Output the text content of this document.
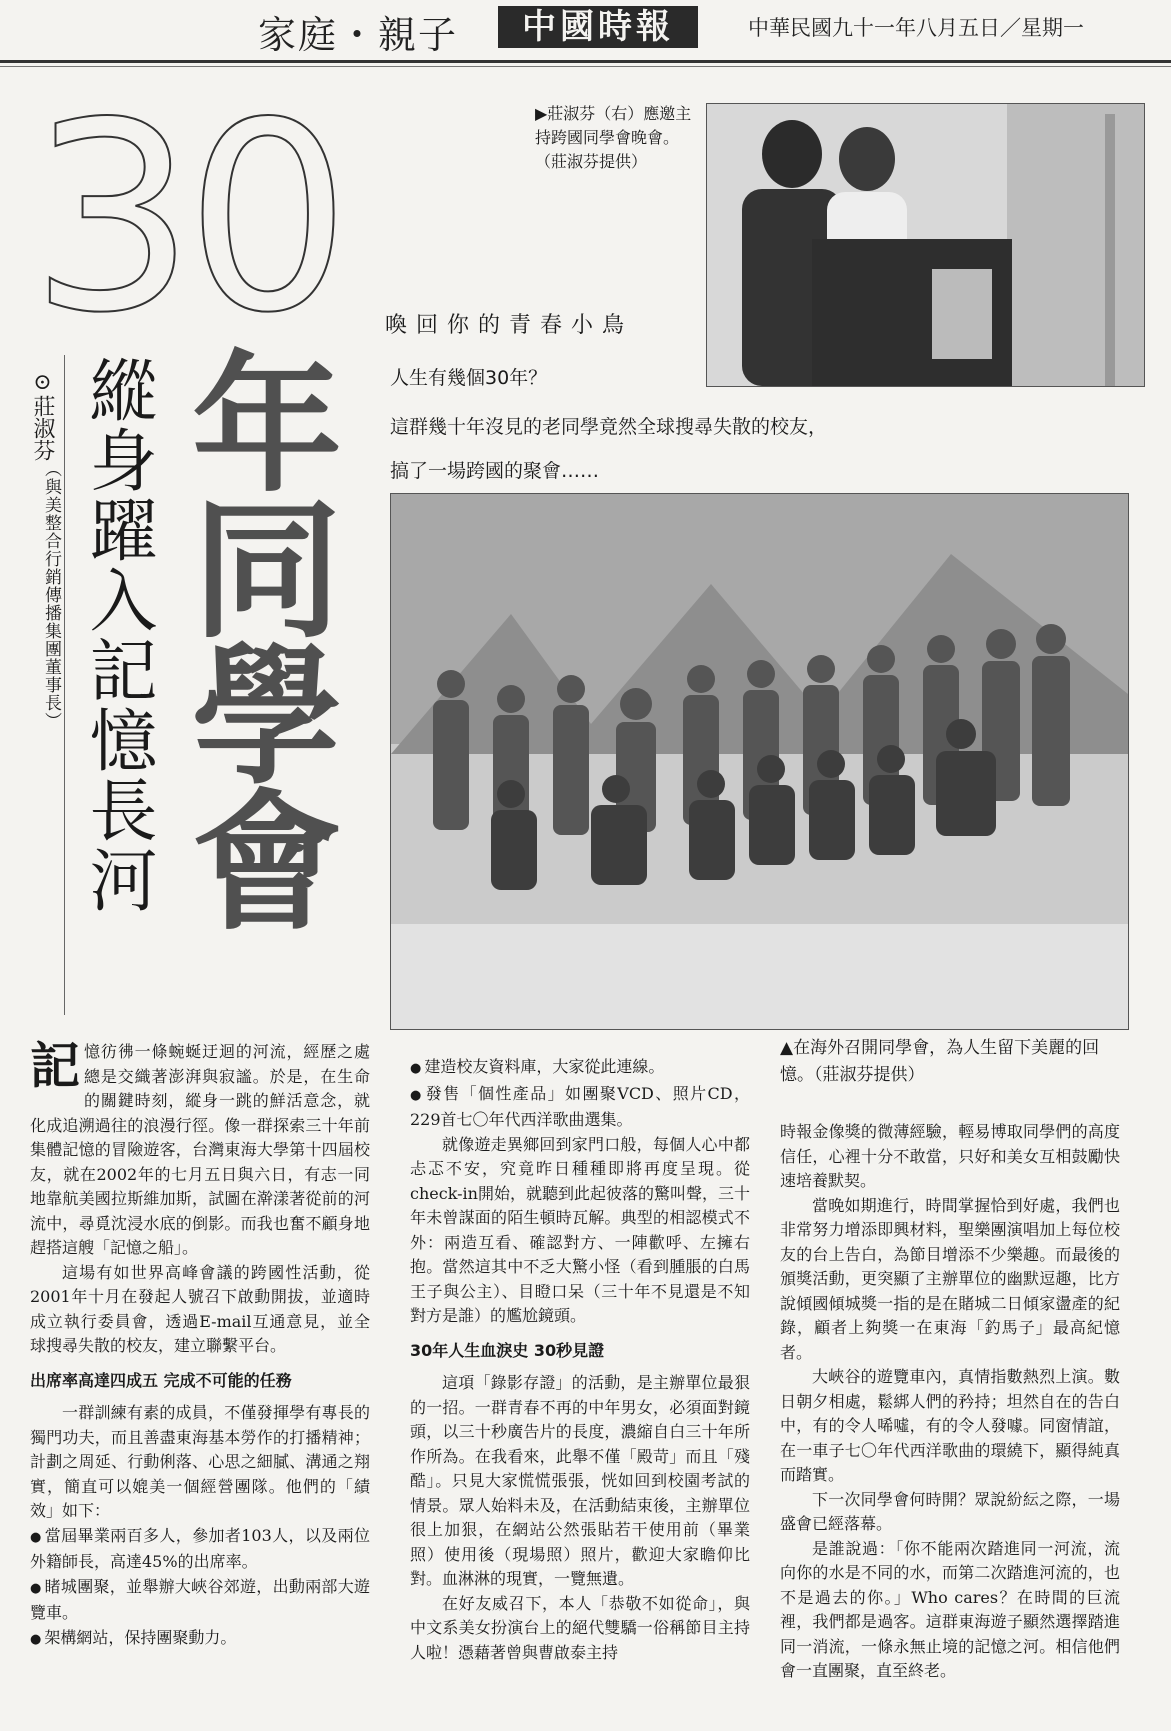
家庭・親子	中國時報	中華民國九十一年八月五日／星期一
30 喚回你的青春小鳥
年同學會
縱身躍入記憶長河
⊙莊淑芬
（與美整合行銷傳播集團董事長）
▶莊淑芬（右）應邀主持跨國同學會晚會。（莊淑芬提供）
人生有幾個30年？
這群幾十年沒見的老同學竟然全球搜尋失散的校友，
搞了一場跨國的聚會……
▲在海外召開同學會，為人生留下美麗的回憶。（莊淑芬提供）

記憶彷彿一條蜿蜒迂迴的河流，經歷之處總是交織著澎湃與寂謐。於是，在生命的關鍵時刻，縱身一跳的鮮活意念，就化成追溯過往的浪漫行徑。像一群探索三十年前集體記憶的冒險遊客，台灣東海大學第十四屆校友，就在2002年的七月五日與六日，有志一同地靠航美國拉斯維加斯，試圖在澣漾著從前的河流中，尋覓沈浸水底的倒影。而我也奮不顧身地趕搭這艘「記憶之船」。

這場有如世界高峰會議的跨國性活動，從2001年十月在發起人號召下啟動開拔，並適時成立執行委員會，透過E-mail互通意見，並全球搜尋失散的校友，建立聯繫平台。

出席率高達四成五 完成不可能的任務

一群訓練有素的成員，不僅發揮學有專長的獨門功夫，而且善盡東海基本勞作的打播精神；計劃之周延、行動俐落、心思之細膩、溝通之翔實，簡直可以媲美一個經營團隊。他們的「績效」如下：

● 當屆畢業兩百多人，參加者103人，以及兩位外籍師長，高達45%的出席率。

● 睹城團聚，並舉辦大峽谷郊遊，出動兩部大遊覽車。

● 架構網站，保持團聚動力。

● 建造校友資料庫，大家從此連線。

● 發售「個性產品」如團聚VCD、照片CD，229首七〇年代西洋歌曲選集。

就像遊走異鄉回到家門口般，每個人心中都忐忑不安，究竟昨日種種即將再度呈現。從check-in開始，就聽到此起彼落的驚叫聲，三十年未曾謀面的陌生頓時瓦解。典型的相認模式不外：兩造互看、確認對方、一陣歡呼、左擁右抱。當然這其中不乏大驚小怪（看到腫脹的白馬王子與公主）、目瞪口呆（三十年不見還是不知對方是誰）的尷尬鏡頭。

30年人生血淚史 30秒見證

這項「錄影存證」的活動，是主辦單位最狠的一招。一群青春不再的中年男女，必須面對鏡頭，以三十秒廣告片的長度，濃縮自白三十年所作所為。在我看來，此舉不僅「殿苛」而且「殘酷」。只見大家慌慌張張，恍如回到校園考試的情景。眾人始料未及，在活動結束後，主辦單位很上加狠，在網站公然張貼若干使用前（畢業照）使用後（現場照）照片，歡迎大家瞻仰比對。血淋淋的現實，一覽無遺。

在好友威召下，本人「恭敬不如從命」，與中文系美女扮演台上的絕代雙驕一俗稱節目主持人啦！憑藉著曾與曹啟泰主持

時報金像獎的微薄經驗，輕易博取同學們的高度信任，心裡十分不敢當，只好和美女互相鼓勵快速培養默契。

當晚如期進行，時間掌握恰到好處，我們也非常努力增添即興材料，聖樂團演唱加上每位校友的台上告白，為節目增添不少樂趣。而最後的頒獎活動，更突顯了主辦單位的幽默逗趣，比方說傾國傾城獎一指的是在賭城二日傾家盪產的紀錄，顧者上夠獎一在東海「釣馬子」最高紀憶者。

大峽谷的遊覽車內，真情指數熱烈上演。數日朝夕相處，鬆綁人們的矜持；坦然自在的告白中，有的令人唏噓，有的令人發噱。同窗情誼，在一車子七〇年代西洋歌曲的環繞下，顯得純真而踏實。

下一次同學會何時開？眾說紛紜之際，一場盛會已經落幕。

是誰說過：「你不能兩次踏進同一河流，流向你的水是不同的水，而第二次踏進河流的，也不是過去的你。」Who cares？在時間的巨流裡，我們都是過客。這群東海遊子顯然選擇踏進同一消流，一條永無止境的記憶之河。相信他們會一直團聚，直至終老。
